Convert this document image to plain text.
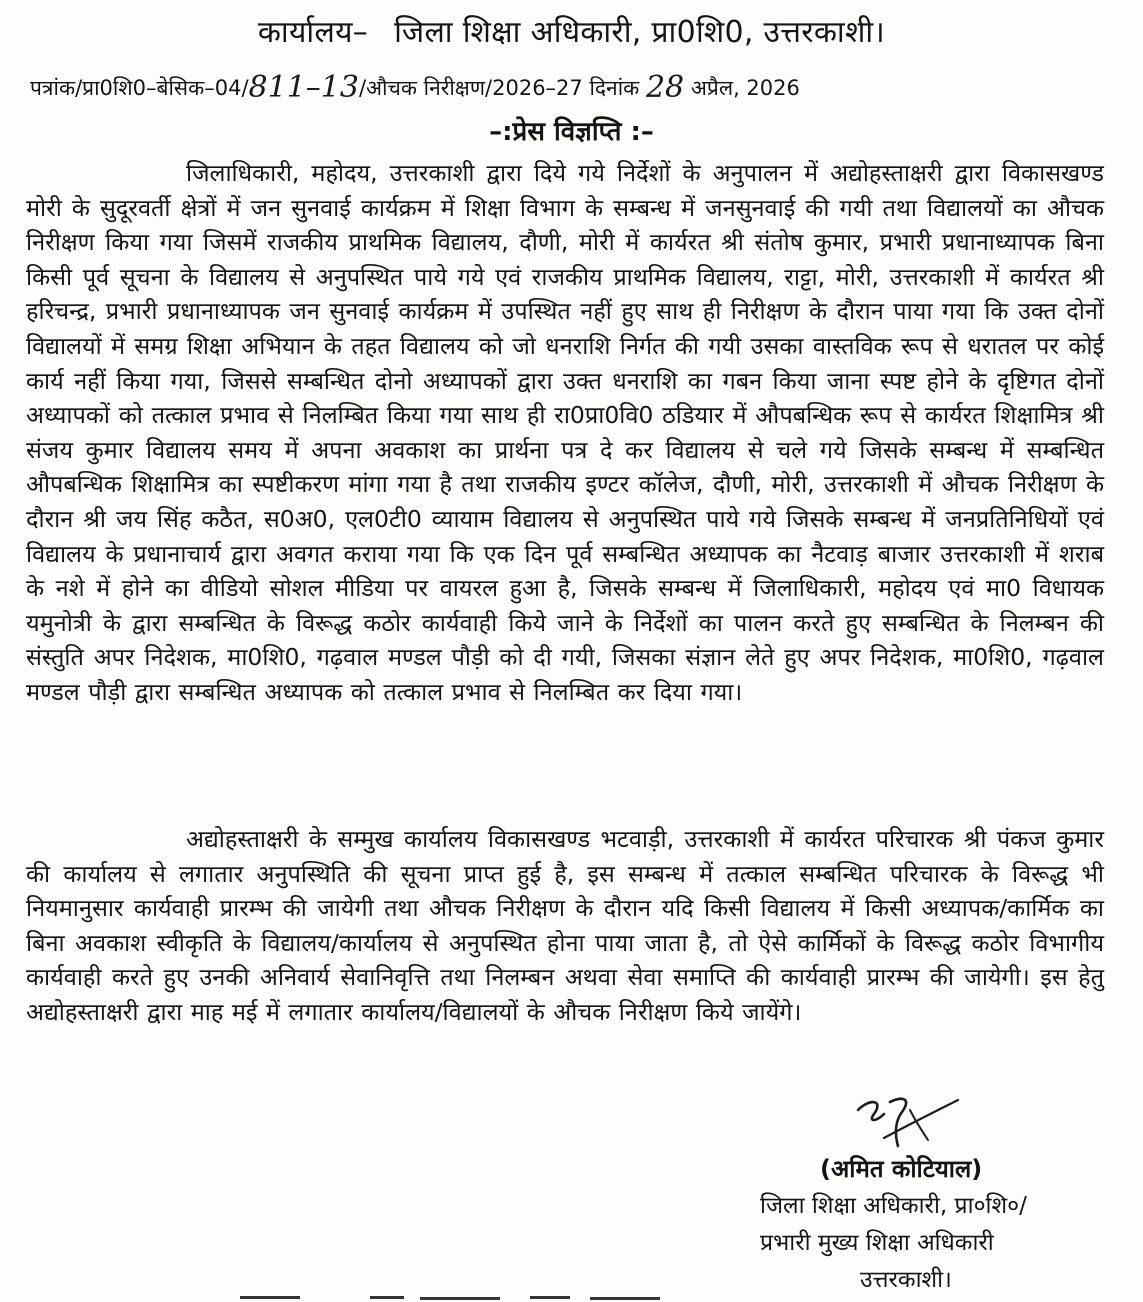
कार्यालय– जिला शिक्षा अधिकारी, प्रा0शि0, उत्तरकाशी।
पत्रांक/प्रा0शि0–बेसिक–04/811–13/औचक निरीक्षण/2026–27 दिनांक 28 अप्रैल, 2026
–:प्रेस विज्ञप्ति :–
जिलाधिकारी, महोदय, उत्तरकाशी द्वारा दिये गये निर्देशों के अनुपालन में अद्योहस्ताक्षरी द्वारा विकासखण्ड मोरी के सुदूरवर्ती क्षेत्रों में जन सुनवाई कार्यक्रम में शिक्षा विभाग के सम्बन्ध में जनसुनवाई की गयी तथा विद्यालयों का औचक निरीक्षण किया गया जिसमें राजकीय प्राथमिक विद्यालय, दौणी, मोरी में कार्यरत श्री संतोष कुमार, प्रभारी प्रधानाध्यापक बिना किसी पूर्व सूचना के विद्यालय से अनुपस्थित पाये गये एवं राजकीय प्राथमिक विद्यालय, राट्टा, मोरी, उत्तरकाशी में कार्यरत श्री हरिचन्द्र, प्रभारी प्रधानाध्यापक जन सुनवाई कार्यक्रम में उपस्थित नहीं हुए साथ ही निरीक्षण के दौरान पाया गया कि उक्त दोनों विद्यालयों में समग्र शिक्षा अभियान के तहत विद्यालय को जो धनराशि निर्गत की गयी उसका वास्तविक रूप से धरातल पर कोई कार्य नहीं किया गया, जिससे सम्बन्धित दोनो अध्यापकों द्वारा उक्त धनराशि का गबन किया जाना स्पष्ट होने के दृष्टिगत दोनों अध्यापकों को तत्काल प्रभाव से निलम्बित किया गया साथ ही रा0प्रा0वि0 ठडियार में औपबन्धिक रूप से कार्यरत शिक्षामित्र श्री संजय कुमार विद्यालय समय में अपना अवकाश का प्रार्थना पत्र दे कर विद्यालय से चले गये जिसके सम्बन्ध में सम्बन्धित औपबन्धिक शिक्षामित्र का स्पष्टीकरण मांगा गया है तथा राजकीय इण्टर कॉलेज, दौणी, मोरी, उत्तरकाशी में औचक निरीक्षण के दौरान श्री जय सिंह कठैत, स0अ0, एल0टी0 व्यायाम विद्यालय से अनुपस्थित पाये गये जिसके सम्बन्ध में जनप्रतिनिधियों एवं विद्यालय के प्रधानाचार्य द्वारा अवगत कराया गया कि एक दिन पूर्व सम्बन्धित अध्यापक का नैटवाड़ बाजार उत्तरकाशी में शराब के नशे में होने का वीडियो सोशल मीडिया पर वायरल हुआ है, जिसके सम्बन्ध में जिलाधिकारी, महोदय एवं मा0 विधायक यमुनोत्री के द्वारा सम्बन्धित के विरूद्ध कठोर कार्यवाही किये जाने के निर्देशों का पालन करते हुए सम्बन्धित के निलम्बन की संस्तुति अपर निदेशक, मा0शि0, गढ़वाल मण्डल पौड़ी को दी गयी, जिसका संज्ञान लेते हुए अपर निदेशक, मा0शि0, गढ़वाल मण्डल पौड़ी द्वारा सम्बन्धित अध्यापक को तत्काल प्रभाव से निलम्बित कर दिया गया।
अद्योहस्ताक्षरी के सम्मुख कार्यालय विकासखण्ड भटवाड़ी, उत्तरकाशी में कार्यरत परिचारक श्री पंकज कुमार की कार्यालय से लगातार अनुपस्थिति की सूचना प्राप्त हुई है, इस सम्बन्ध में तत्काल सम्बन्धित परिचारक के विरूद्ध भी नियमानुसार कार्यवाही प्रारम्भ की जायेगी तथा औचक निरीक्षण के दौरान यदि किसी विद्यालय में किसी अध्यापक/कार्मिक का बिना अवकाश स्वीकृति के विद्यालय/कार्यालय से अनुपस्थित होना पाया जाता है, तो ऐसे कार्मिकों के विरूद्ध कठोर विभागीय कार्यवाही करते हुए उनकी अनिवार्य सेवानिवृत्ति तथा निलम्बन अथवा सेवा समाप्ति की कार्यवाही प्रारम्भ की जायेगी। इस हेतु अद्योहस्ताक्षरी द्वारा माह मई में लगातार कार्यालय/विद्यालयों के औचक निरीक्षण किये जायेंगे।
(अमित कोटियाल)
जिला शिक्षा अधिकारी, प्रा०शि०/
प्रभारी मुख्य शिक्षा अधिकारी
उत्तरकाशी।
